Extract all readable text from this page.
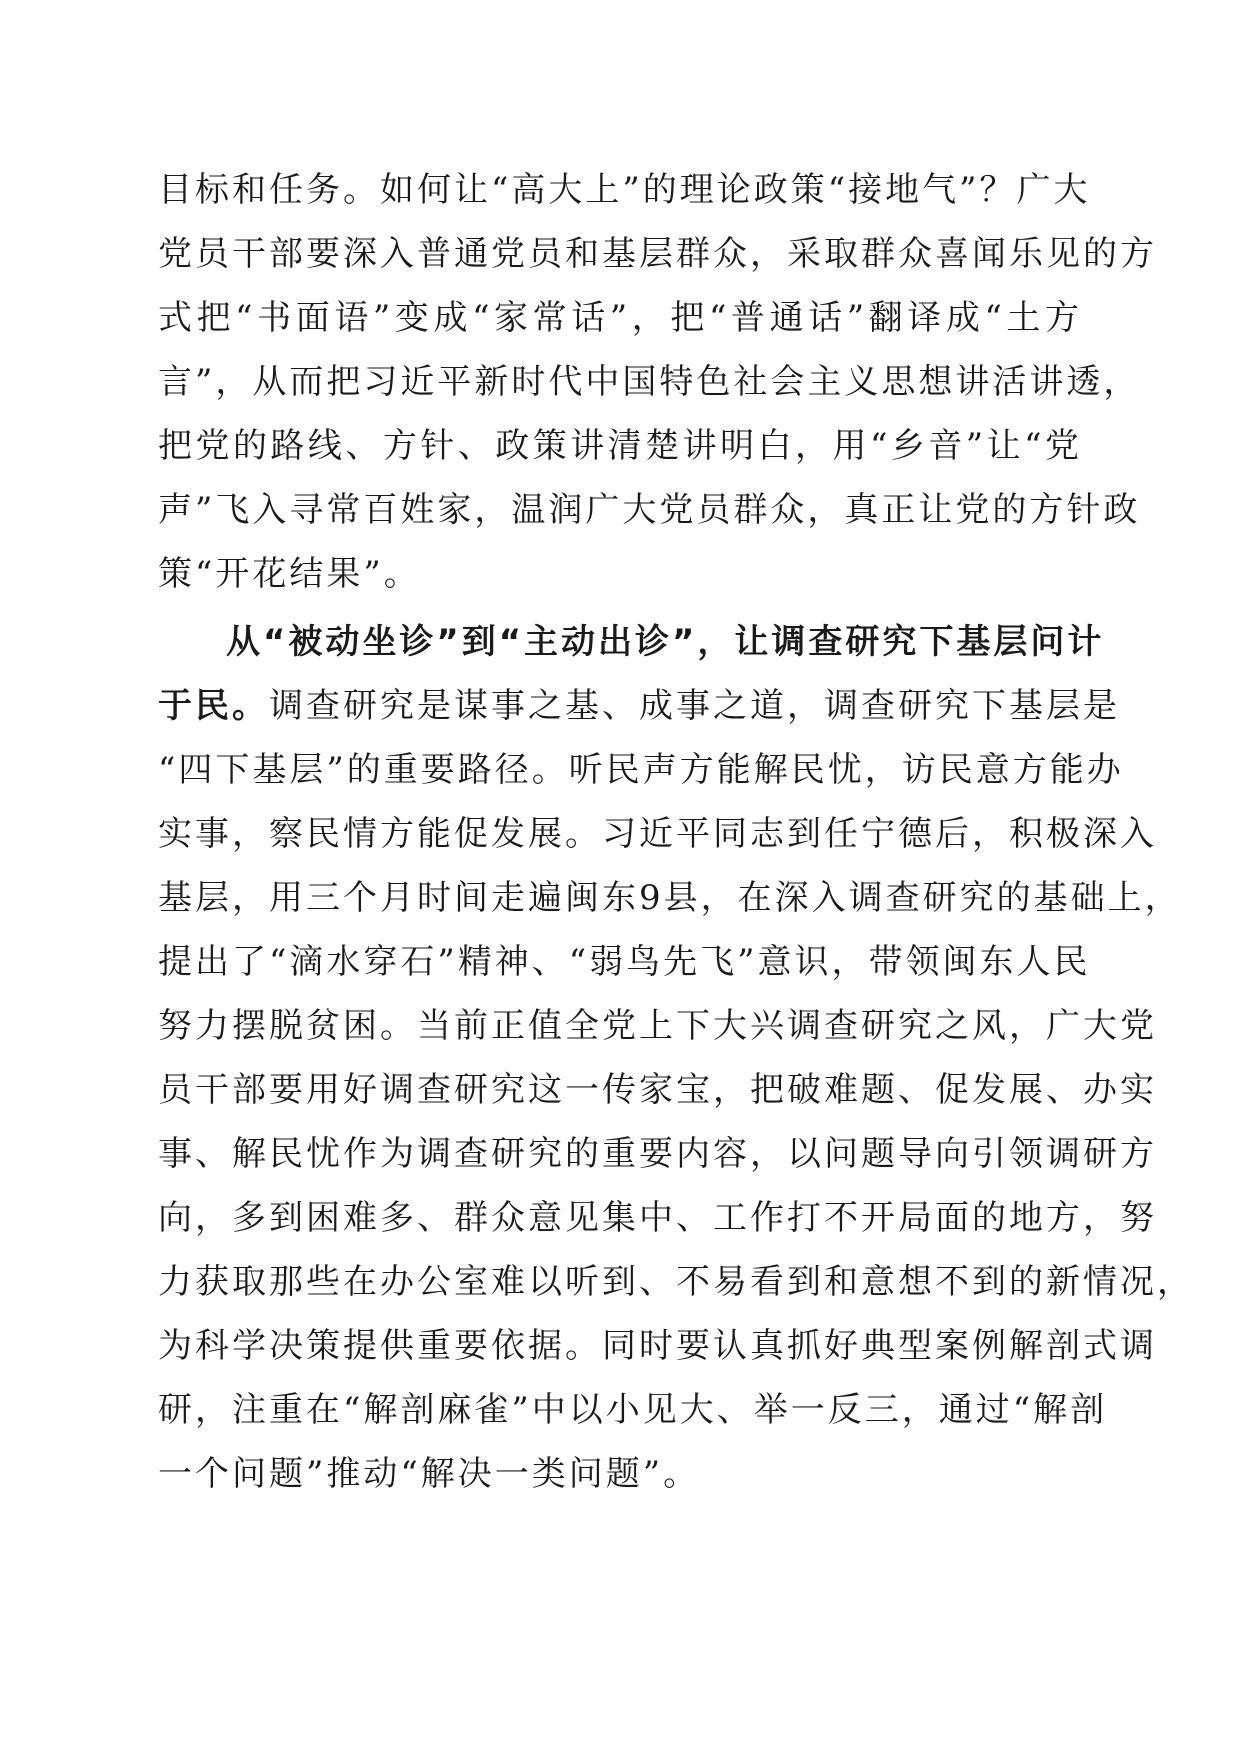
目标和任务。如何让“高大上”的理论政策“接地气”？广大
党员干部要深入普通党员和基层群众，采取群众喜闻乐见的方
式把“书面语”变成“家常话”，把“普通话”翻译成“土方
言”，从而把习近平新时代中国特色社会主义思想讲活讲透，
把党的路线、方针、政策讲清楚讲明白，用“乡音”让“党
声”飞入寻常百姓家，温润广大党员群众，真正让党的方针政
策“开花结果”。
从“被动坐诊”到“主动出诊”，让调查研究下基层问计
于民。调查研究是谋事之基、成事之道，调查研究下基层是
“四下基层”的重要路径。听民声方能解民忧，访民意方能办
实事，察民情方能促发展。习近平同志到任宁德后，积极深入
基层，用三个月时间走遍闽东9县，在深入调查研究的基础上，
提出了“滴水穿石”精神、“弱鸟先飞”意识，带领闽东人民
努力摆脱贫困。当前正值全党上下大兴调查研究之风，广大党
员干部要用好调查研究这一传家宝，把破难题、促发展、办实
事、解民忧作为调查研究的重要内容，以问题导向引领调研方
向，多到困难多、群众意见集中、工作打不开局面的地方，努
力获取那些在办公室难以听到、不易看到和意想不到的新情况，
为科学决策提供重要依据。同时要认真抓好典型案例解剖式调
研，注重在“解剖麻雀”中以小见大、举一反三，通过“解剖
一个问题”推动“解决一类问题”。
